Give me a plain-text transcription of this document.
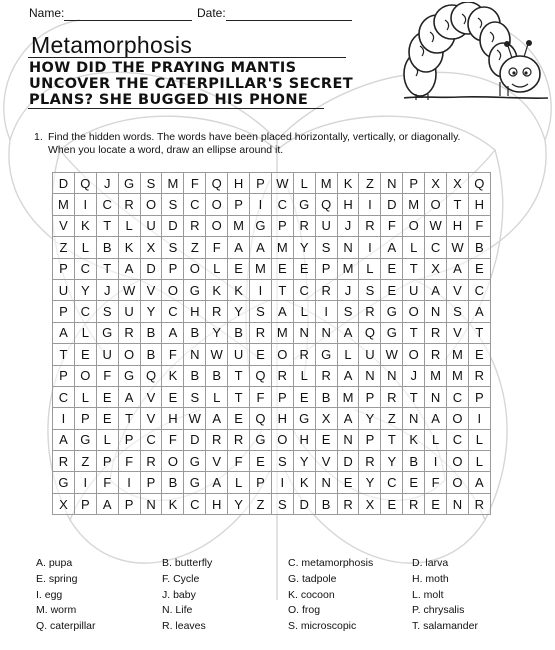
Name:	Date:
Metamorphosis
HOW DID THE PRAYING MANTIS
UNCOVER THE CATERPILLAR'S SECRET
PLANS? SHE BUGGED HIS PHONE
1. Find the hidden words. The words have been placed horizontally, vertically, or diagonally.
When you locate a word, draw an ellipse around it.
D	Q	J	G	S	M	F	Q	H	P	W	L	M	K	Z	N	P	X	X	Q
M	I	C	R	O	S	C	O	P	I	C	G	Q	H	I	D	M	O	T	H
V	K	T	L	U	D	R	O	M	G	P	R	U	J	R	F	O	W	H	F
Z	L	B	K	X	S	Z	F	A	A	M	Y	S	N	I	A	L	C	W	B
P	C	T	A	D	P	O	L	E	M	E	E	P	M	L	E	T	X	A	E
U	Y	J	W	V	O	G	K	K	I	T	C	R	J	S	E	U	A	V	C
P	C	S	U	Y	C	H	R	Y	S	A	L	I	S	R	G	O	N	S	A
A	L	G	R	B	A	B	Y	B	R	M	N	N	A	Q	G	T	R	V	T
T	E	U	O	B	F	N	W	U	E	O	R	G	L	U	W	O	R	M	E
P	O	F	G	Q	K	B	B	T	Q	R	L	R	A	N	N	J	M	M	R
C	L	E	A	V	E	S	L	T	F	P	E	B	M	P	R	T	N	C	P
I	P	E	T	V	H	W	A	E	Q	H	G	X	A	Y	Z	N	A	O	I
A	G	L	P	C	F	D	R	R	G	O	H	E	N	P	T	K	L	C	L
R	Z	P	F	R	O	G	V	F	E	S	Y	V	D	R	Y	B	I	O	L
G	I	F	I	P	B	G	A	L	P	I	K	N	E	Y	C	E	F	O	A
X	P	A	P	N	K	C	H	Y	Z	S	D	B	R	X	E	R	E	N	R
A. pupa
E. spring
I. egg
M. worm
Q. caterpillar
B. butterfly
F. Cycle
J. baby
N. Life
R. leaves
C. metamorphosis
G. tadpole
K. cocoon
O. frog
S. microscopic
D. larva
H. moth
L. molt
P. chrysalis
T. salamander
